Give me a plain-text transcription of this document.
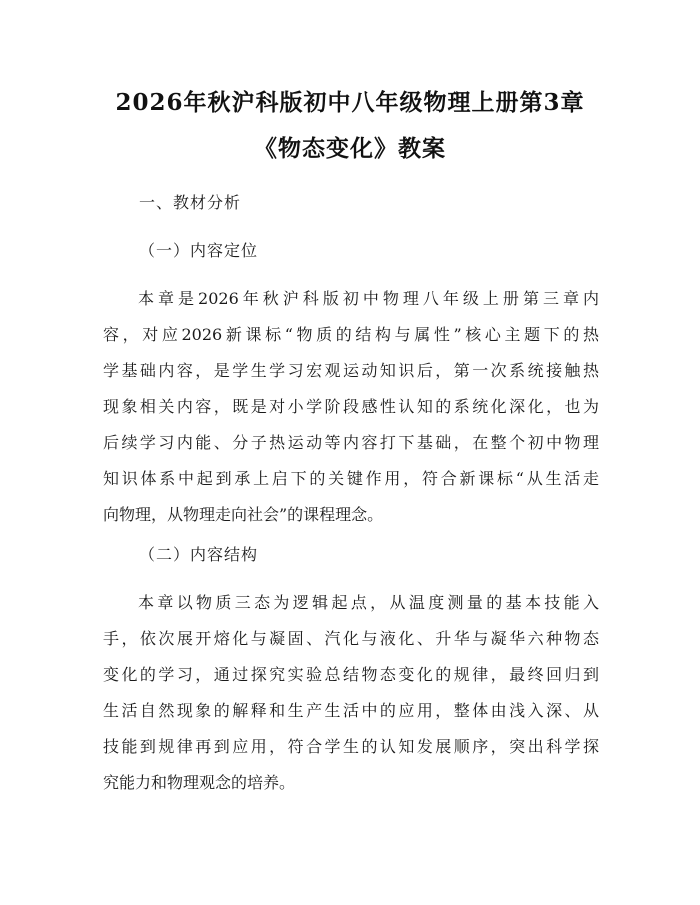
2026年秋沪科版初中八年级物理上册第3章
《物态变化》教案
一、教材分析
（一）内容定位
本章是2026年秋沪科版初中物理八年级上册第三章内
容，对应2026新课标“物质的结构与属性”核心主题下的热
学基础内容，是学生学习宏观运动知识后，第一次系统接触热
现象相关内容，既是对小学阶段感性认知的系统化深化，也为
后续学习内能、分子热运动等内容打下基础，在整个初中物理
知识体系中起到承上启下的关键作用，符合新课标“从生活走
向物理，从物理走向社会”的课程理念。
（二）内容结构
本章以物质三态为逻辑起点，从温度测量的基本技能入
手，依次展开熔化与凝固、汽化与液化、升华与凝华六种物态
变化的学习，通过探究实验总结物态变化的规律，最终回归到
生活自然现象的解释和生产生活中的应用，整体由浅入深、从
技能到规律再到应用，符合学生的认知发展顺序，突出科学探
究能力和物理观念的培养。
